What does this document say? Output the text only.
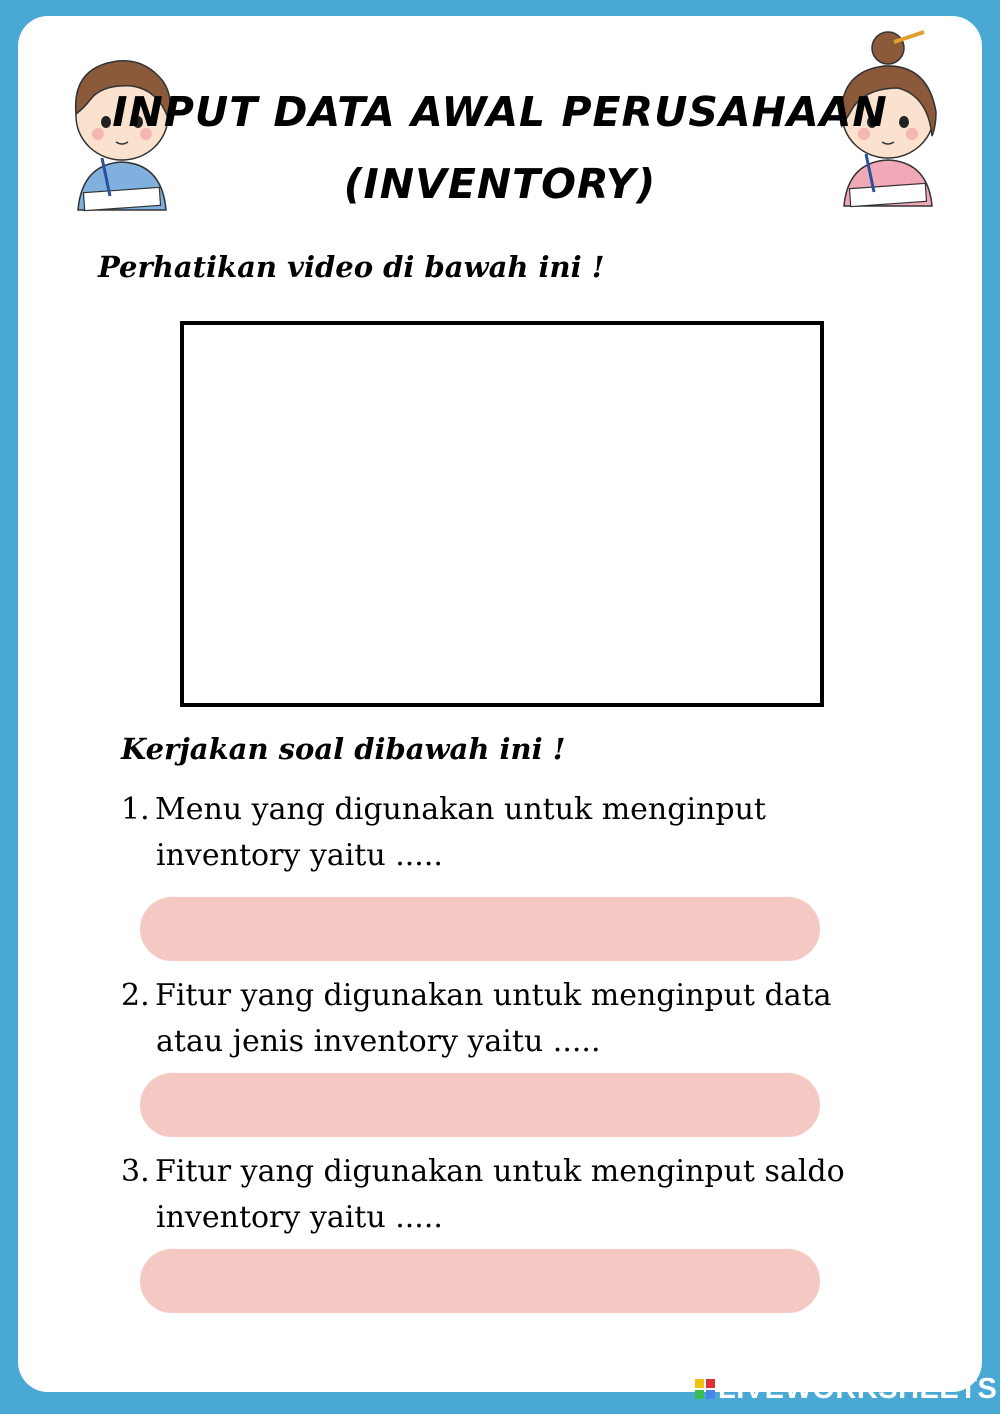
INPUT DATA AWAL PERUSAHAAN
(INVENTORY)
Perhatikan video di bawah ini !
Kerjakan soal dibawah ini !
1. Menu yang digunakan untuk menginput
inventory yaitu .....
2. Fitur yang digunakan untuk menginput data
atau jenis inventory yaitu .....
3. Fitur yang digunakan untuk menginput saldo
inventory yaitu .....
LIVEWORKSHEETS
